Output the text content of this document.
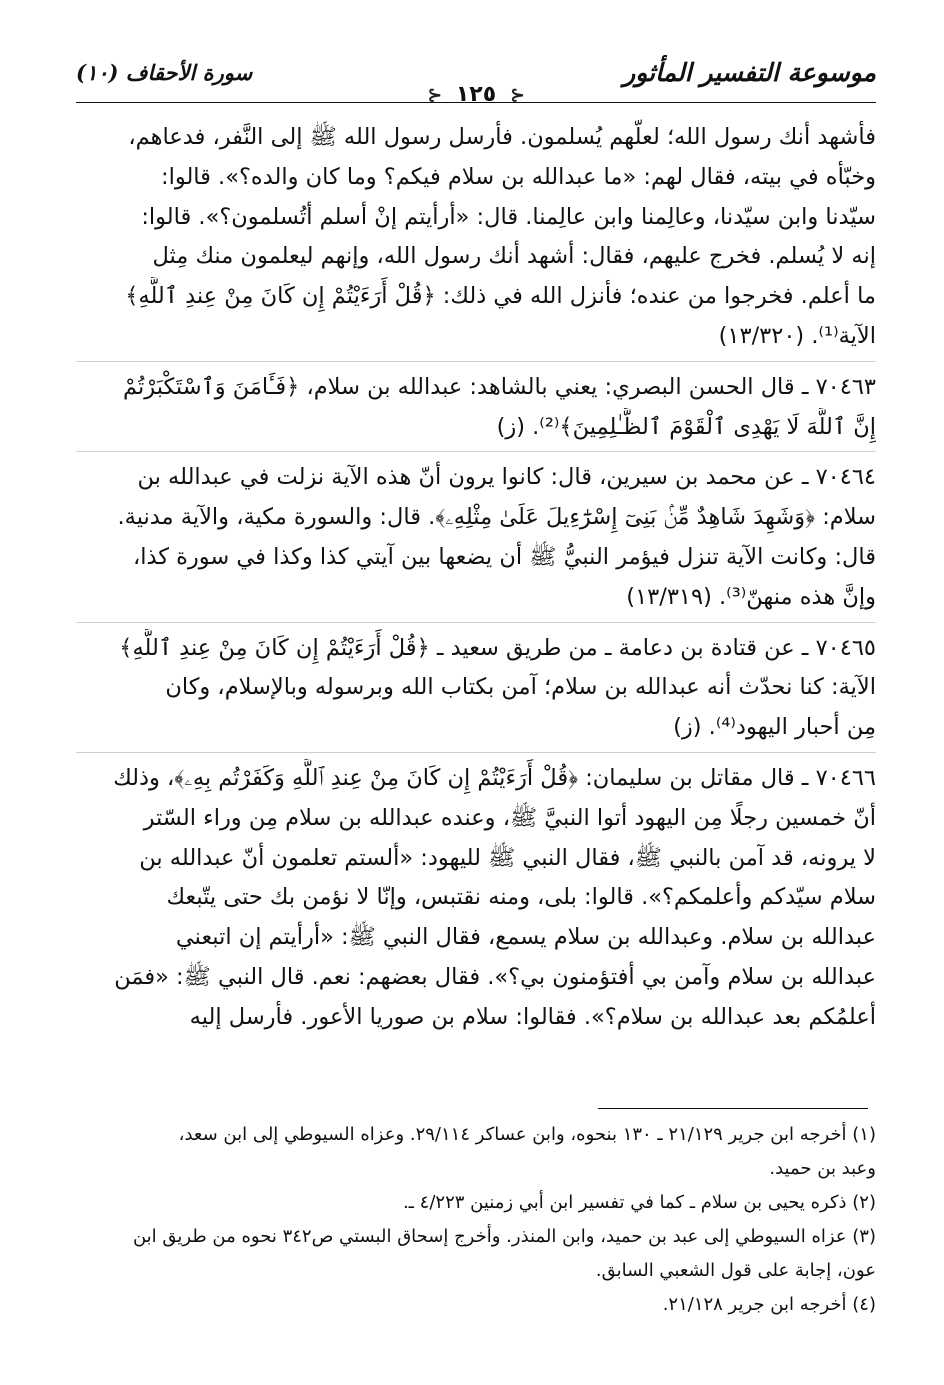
موسوعة التفسير المأثور
سورة الأحقاف (١٠)
⊰ ١٢٥ ⊰
فأشهد أنك رسول الله؛ لعلّهم يُسلمون. فأرسل رسول الله ﷺ إلى النَّفر، فدعاهم،
وخبّأه في بيته، فقال لهم: «ما عبدالله بن سلام فيكم؟ وما كان والده؟». قالوا:
سيّدنا وابن سيّدنا، وعالِمنا وابن عالِمنا. قال: «أرأيتم إنْ أسلم أتُسلمون؟». قالوا:
إنه لا يُسلم. فخرج عليهم، فقال: أشهد أنك رسول الله، وإنهم ليعلمون منك مِثل
ما أعلم. فخرجوا من عنده؛ فأنزل الله في ذلك: ﴿قُلْ أَرَءَيْتُمْ إِن كَانَ مِنْ عِندِ ٱللَّهِ﴾
الآية⁽¹⁾. (١٣/٣٢٠)
٧٠٤٦٣ ـ قال الحسن البصري: يعني بالشاهد: عبدالله بن سلام، ﴿فَـَٔامَنَ وَٱسْتَكْبَرْتُمْ
إِنَّ ٱللَّهَ لَا يَهْدِى ٱلْقَوْمَ ٱلظَّـٰلِمِينَ﴾⁽²⁾. (ز)
٧٠٤٦٤ ـ عن محمد بن سيرين، قال: كانوا يرون أنّ هذه الآية نزلت في عبدالله بن
سلام: ﴿وَشَهِدَ شَاهِدٌ مِّنۢ بَنِىٓ إِسْرَٰٓءِيلَ عَلَىٰ مِثْلِهِۦ﴾. قال: والسورة مكية، والآية مدنية.
قال: وكانت الآية تنزل فيؤمر النبيُّ ﷺ أن يضعها بين آيتي كذا وكذا في سورة كذا،
وإنَّ هذه منهنّ⁽³⁾. (١٣/٣١٩)
٧٠٤٦٥ ـ عن قتادة بن دعامة ـ من طريق سعيد ـ ﴿قُلْ أَرَءَيْتُمْ إِن كَانَ مِنْ عِندِ ٱللَّهِ﴾
الآية: كنا نحدّث أنه عبدالله بن سلام؛ آمن بكتاب الله وبرسوله وبالإسلام، وكان
مِن أحبار اليهود⁽⁴⁾. (ز)
٧٠٤٦٦ ـ قال مقاتل بن سليمان: ﴿قُلْ أَرَءَيْتُمْ إِن كَانَ مِنْ عِندِ ٱللَّهِ وَكَفَرْتُم بِهِۦ﴾، وذلك
أنّ خمسين رجلًا مِن اليهود أتوا النبيَّ ﷺ، وعنده عبدالله بن سلام مِن وراء السّتر
لا يرونه، قد آمن بالنبي ﷺ، فقال النبي ﷺ لليهود: «ألستم تعلمون أنّ عبدالله بن
سلام سيّدكم وأعلمكم؟». قالوا: بلى، ومنه نقتبس، وإنّا لا نؤمن بك حتى يتّبعك
عبدالله بن سلام. وعبدالله بن سلام يسمع، فقال النبي ﷺ: «أرأيتم إن اتبعني
عبدالله بن سلام وآمن بي أفتؤمنون بي؟». فقال بعضهم: نعم. قال النبي ﷺ: «فمَن
أعلمُكم بعد عبدالله بن سلام؟». فقالوا: سلام بن صوريا الأعور. فأرسل إليه
(١) أخرجه ابن جرير ٢١/١٢٩ ـ ١٣٠ بنحوه، وابن عساكر ٢٩/١١٤. وعزاه السيوطي إلى ابن سعد،
وعبد بن حميد.
(٢) ذكره يحيى بن سلام ـ كما في تفسير ابن أبي زمنين ٤/٢٢٣ ـ.
(٣) عزاه السيوطي إلى عبد بن حميد، وابن المنذر. وأخرج إسحاق البستي ص٣٤٢ نحوه من طريق ابن
عون، إجابة على قول الشعبي السابق.
(٤) أخرجه ابن جرير ٢١/١٢٨.
